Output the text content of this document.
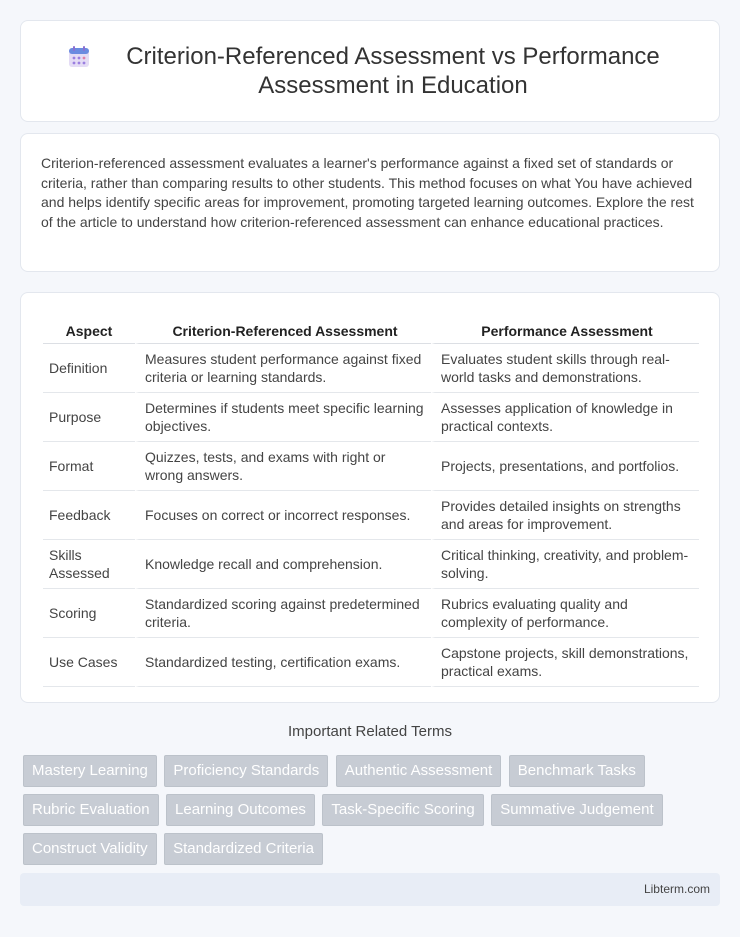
Criterion-Referenced Assessment vs Performance Assessment in Education

Criterion-referenced assessment evaluates a learner's performance against a fixed set of standards or criteria, rather than comparing results to other students. This method focuses on what You have achieved and helps identify specific areas for improvement, promoting targeted learning outcomes. Explore the rest of the article to understand how criterion-referenced assessment can enhance educational practices.

Aspect	Criterion-Referenced Assessment	Performance Assessment
Definition	Measures student performance against fixed criteria or learning standards.	Evaluates student skills through real-world tasks and demonstrations.
Purpose	Determines if students meet specific learning objectives.	Assesses application of knowledge in practical contexts.
Format	Quizzes, tests, and exams with right or wrong answers.	Projects, presentations, and portfolios.
Feedback	Focuses on correct or incorrect responses.	Provides detailed insights on strengths and areas for improvement.
Skills Assessed	Knowledge recall and comprehension.	Critical thinking, creativity, and problem-solving.
Scoring	Standardized scoring against predetermined criteria.	Rubrics evaluating quality and complexity of performance.
Use Cases	Standardized testing, certification exams.	Capstone projects, skill demonstrations, practical exams.
Important Related Terms
Mastery Learning Proficiency Standards Authentic Assessment Benchmark Tasks Rubric Evaluation Learning Outcomes Task-Specific Scoring Summative Judgement Construct Validity Standardized Criteria
Libterm.com
